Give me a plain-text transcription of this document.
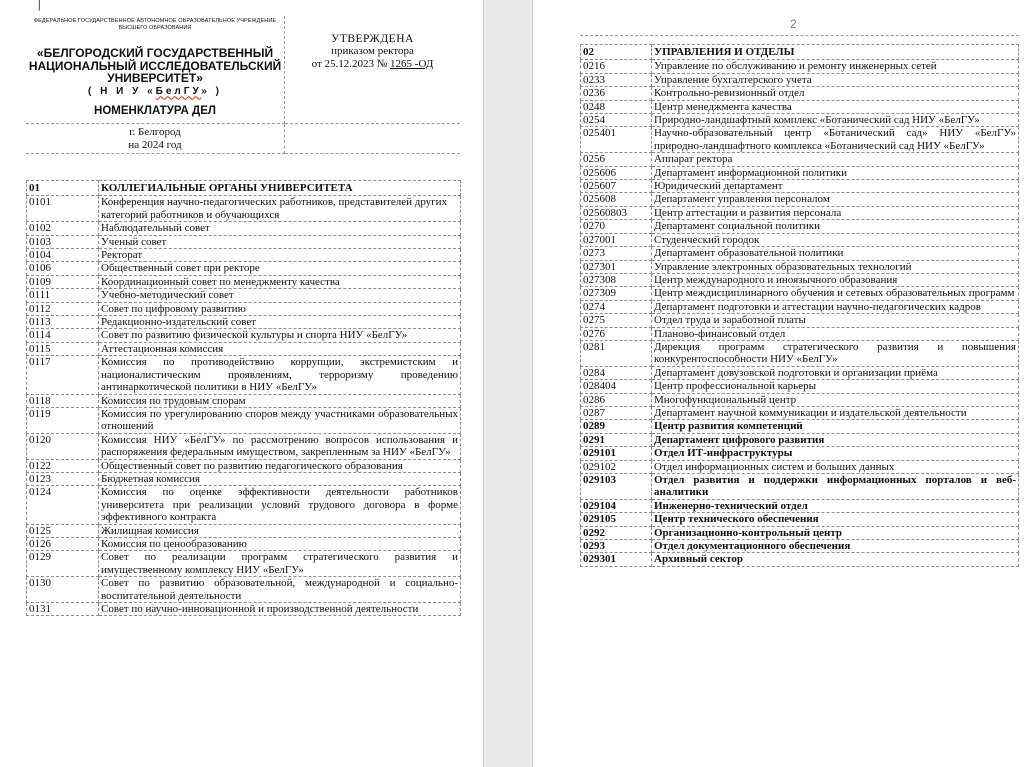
|
ФЕДЕРАЛЬНОЕ ГОСУДАРСТВЕННОЕ АВТОНОМНОЕ ОБРАЗОВАТЕЛЬНОЕ УЧРЕЖДЕНИЕ ВЫСШЕГО ОБРАЗОВАНИЯ
«БЕЛГОРОДСКИЙ ГОСУДАРСТВЕННЫЙ
НАЦИОНАЛЬНЫЙ ИССЛЕДОВАТЕЛЬСКИЙ
УНИВЕРСИТЕТ»
( Н И У «БелГУ» )
НОМЕНКЛАТУРА ДЕЛ
УТВЕРЖДЕНА
приказом ректора
от 25.12.2023 № 1265 -ОД
г. Белгород
на 2024 год
01	КОЛЛЕГИАЛЬНЫЕ ОРГАНЫ УНИВЕРСИТЕТА
0101	Конференция научно-педагогических работников, представителей других категорий работников и обучающихся
0102	Наблюдательный совет
0103	Ученый совет
0104	Ректорат
0106	Общественный совет при ректоре
0109	Координационный совет по менеджменту качества
0111	Учебно-методический совет
0112	Совет по цифровому развитию
0113	Редакционно-издательский совет
0114	Совет по развитию физической культуры и спорта НИУ «БелГУ»
0115	Аттестационная комиссия
0117	Комиссия по противодействию коррупции, экстремистским и националистическим проявлениям, терроризму проведению антинаркотической политики в НИУ «БелГУ»
0118	Комиссия по трудовым спорам
0119	Комиссия по урегулированию споров между участниками образовательных отношений
0120	Комиссия НИУ «БелГУ» по рассмотрению вопросов использования и распоряжения федеральным имуществом, закрепленным за НИУ «БелГУ»
0122	Общественный совет по развитию педагогического образования
0123	Бюджетная комиссия
0124	Комиссия по оценке эффективности деятельности работников университета при реализации условий трудового договора в форме эффективного контракта
0125	Жилищная комиссия
0126	Комиссия по ценообразованию
0129	Совет по реализации программ стратегического развития и имущественному комплексу НИУ «БелГУ»
0130	Совет по развитию образовательной, международной и социально-воспитательной деятельности
0131	Совет по научно-инновационной и производственной деятельности
2
02	УПРАВЛЕНИЯ И ОТДЕЛЫ
0216	Управление по обслуживанию и ремонту инженерных сетей
0233	Управление бухгалтерского учета
0236	Контрольно-ревизионный отдел
0248	Центр менеджмента качества
0254	Природно-ландшафтный комплекс «Ботанический сад НИУ «БелГУ»
025401	Научно-образовательный центр «Ботанический сад» НИУ «БелГУ» природно-ландшафтного комплекса «Ботанический сад НИУ «БелГУ»
0256	Аппарат ректора
025606	Департамент информационной политики
025607	Юридический департамент
025608	Департамент управления персоналом
02560803	Центр аттестации и развития персонала
0270	Департамент социальной политики
027001	Студенческий городок
0273	Департамент образовательной политики
027301	Управление электронных образовательных технологий
027308	Центр международного и иноязычного образования
027309	Центр междисциплинарного обучения и сетевых образовательных программ
0274	Департамент подготовки и аттестации научно-педагогических кадров
0275	Отдел труда и заработной платы
0276	Планово-финансовый отдел
0281	Дирекция программ стратегического развития и повышения конкурентоспособности НИУ «БелГУ»
0284	Департамент довузовской подготовки и организации приёма
028404	Центр профессиональной карьеры
0286	Многофункциональный центр
0287	Департамент научной коммуникации и издательской деятельности
0289	Центр развития компетенций
0291	Департамент цифрового развития
029101	Отдел ИТ-инфраструктуры
029102	Отдел информационных систем и больших данных
029103	Отдел развития и поддержки информационных порталов и веб-аналитики
029104	Инженерно-технический отдел
029105	Центр технического обеспечения
0292	Организационно-контрольный центр
0293	Отдел документационного обеспечения
029301	Архивный сектор
